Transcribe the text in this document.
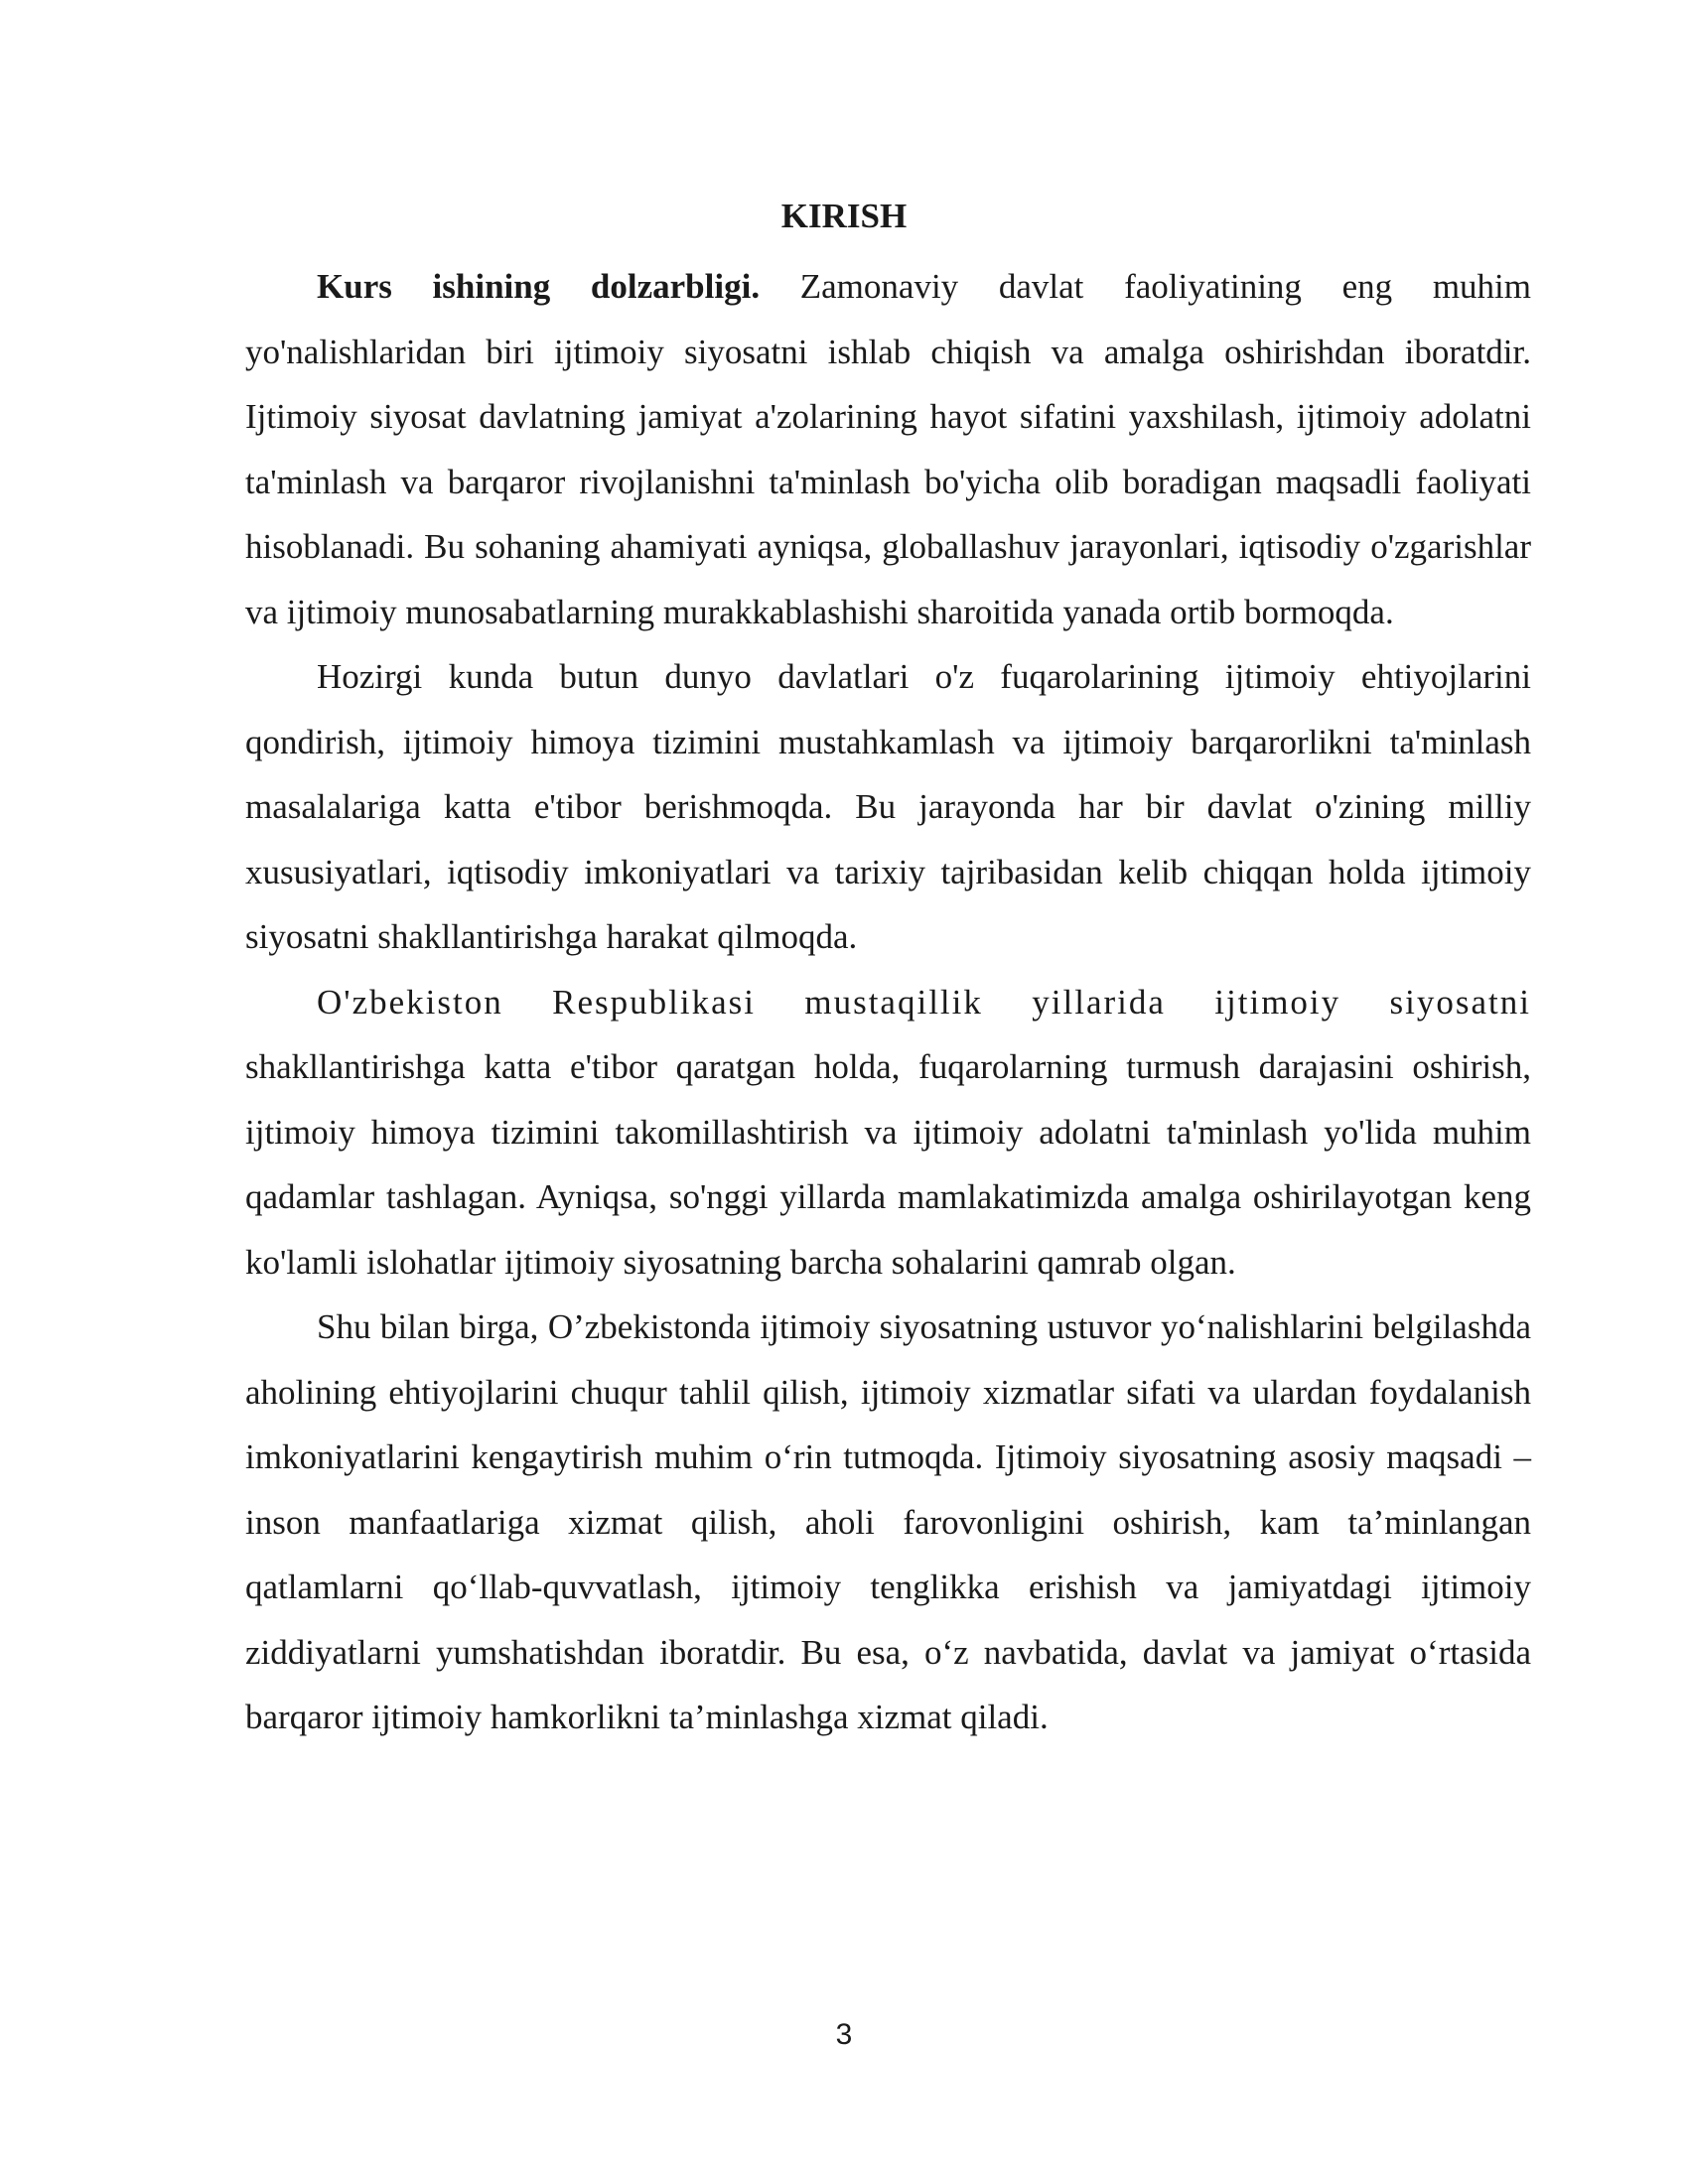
KIRISH

Kurs ishining dolzarbligi. Zamonaviy davlat faoliyatining eng muhim yo'nalishlaridan biri ijtimoiy siyosatni ishlab chiqish va amalga oshirishdan iboratdir. Ijtimoiy siyosat davlatning jamiyat a'zolarining hayot sifatini yaxshilash, ijtimoiy adolatni ta'minlash va barqaror rivojlanishni ta'minlash bo'yicha olib boradigan maqsadli faoliyati hisoblanadi. Bu sohaning ahamiyati ayniqsa, globallashuv jarayonlari, iqtisodiy o'zgarishlar va ijtimoiy munosabatlarning murakkablashishi sharoitida yanada ortib bormoqda.

Hozirgi kunda butun dunyo davlatlari o'z fuqarolarining ijtimoiy ehtiyojlarini qondirish, ijtimoiy himoya tizimini mustahkamlash va ijtimoiy barqarorlikni ta'minlash masalalariga katta e'tibor berishmoqda. Bu jarayonda har bir davlat o'zining milliy xususiyatlari, iqtisodiy imkoniyatlari va tarixiy tajribasidan kelib chiqqan holda ijtimoiy siyosatni shakllantirishga harakat qilmoqda.

O'zbekiston Respublikasi mustaqillik yillarida ijtimoiy siyosatni shakllantirishga katta e'tibor qaratgan holda, fuqarolarning turmush darajasini oshirish, ijtimoiy himoya tizimini takomillashtirish va ijtimoiy adolatni ta'minlash yo'lida muhim qadamlar tashlagan. Ayniqsa, so'nggi yillarda mamlakatimizda amalga oshirilayotgan keng ko'lamli islohatlar ijtimoiy siyosatning barcha sohalarini qamrab olgan.

Shu bilan birga, O’zbekistonda ijtimoiy siyosatning ustuvor yo‘nalishlarini belgilashda aholining ehtiyojlarini chuqur tahlil qilish, ijtimoiy xizmatlar sifati va ulardan foydalanish imkoniyatlarini kengaytirish muhim o‘rin tutmoqda. Ijtimoiy siyosatning asosiy maqsadi – inson manfaatlariga xizmat qilish, aholi farovonligini oshirish, kam ta’minlangan qatlamlarni qo‘llab-quvvatlash, ijtimoiy tenglikka erishish va jamiyatdagi ijtimoiy ziddiyatlarni yumshatishdan iboratdir. Bu esa, o‘z navbatida, davlat va jamiyat o‘rtasida barqaror ijtimoiy hamkorlikni ta’minlashga xizmat qiladi.

3
